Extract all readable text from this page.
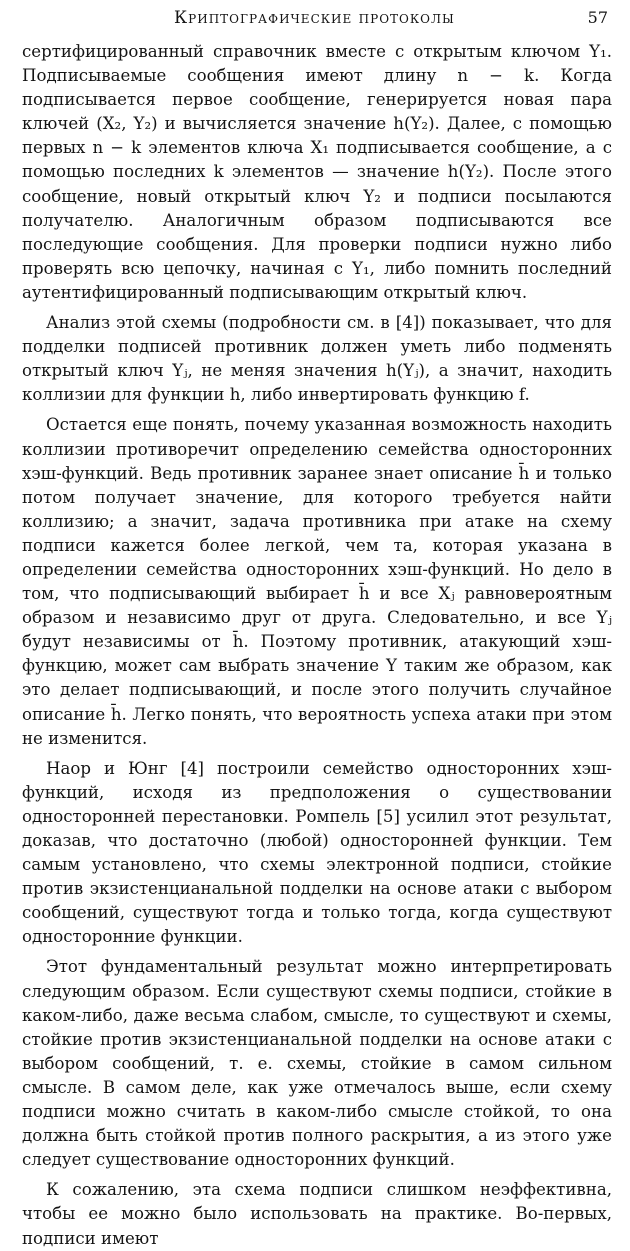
Криптографические протоколы	57

сертифицированный справочник вместе с открытым ключом Y₁. Подписываемые сообщения имеют длину n − k. Когда подписывается первое сообщение, генерируется новая пара ключей (X₂, Y₂) и вычисляется значение h(Y₂). Далее, с помощью первых n − k элементов ключа X₁ подписывается сообщение, а с помощью последних k элементов — значение h(Y₂). После этого сообщение, новый открытый ключ Y₂ и подписи посылаются получателю. Аналогичным образом подписываются все последующие сообщения. Для проверки подписи нужно либо проверять всю цепочку, начиная с Y₁, либо помнить последний аутентифицированный подписывающим открытый ключ.

Анализ этой схемы (подробности см. в [4]) показывает, что для подделки подписей противник должен уметь либо подменять открытый ключ Yⱼ, не меняя значения h(Yⱼ), а значит, находить коллизии для функции h, либо инвертировать функцию f.

Остается еще понять, почему указанная возможность находить коллизии противоречит определению семейства односторонних хэш-функций. Ведь противник заранее знает описание h̄ и только потом получает значение, для которого требуется найти коллизию; а значит, задача противника при атаке на схему подписи кажется более легкой, чем та, которая указана в определении семейства односторонних хэш-функций. Но дело в том, что подписывающий выбирает h̄ и все Xⱼ равновероятным образом и независимо друг от друга. Следовательно, и все Yⱼ будут независимы от h̄. Поэтому противник, атакующий хэш-функцию, может сам выбрать значение Y таким же образом, как это делает подписывающий, и после этого получить случайное описание h̄. Легко понять, что вероятность успеха атаки при этом не изменится.

Наор и Юнг [4] построили семейство односторонних хэш-функций, исходя из предположения о существовании односторонней перестановки. Ромпель [5] усилил этот результат, доказав, что достаточно (любой) односторонней функции. Тем самым установлено, что схемы электронной подписи, стойкие против экзистенцианальной подделки на основе атаки с выбором сообщений, существуют тогда и только тогда, когда существуют односторонние функции.

Этот фундаментальный результат можно интерпретировать следующим образом. Если существуют схемы подписи, стойкие в каком-либо, даже весьма слабом, смысле, то существуют и схемы, стойкие против экзистенцианальной подделки на основе атаки с выбором сообщений, т. е. схемы, стойкие в самом сильном смысле. В самом деле, как уже отмечалось выше, если схему подписи можно считать в каком-либо смысле стойкой, то она должна быть стойкой против полного раскрытия, а из этого уже следует существование односторонних функций.

К сожалению, эта схема подписи слишком неэффективна, чтобы ее можно было использовать на практике. Во-первых, подписи имеют
